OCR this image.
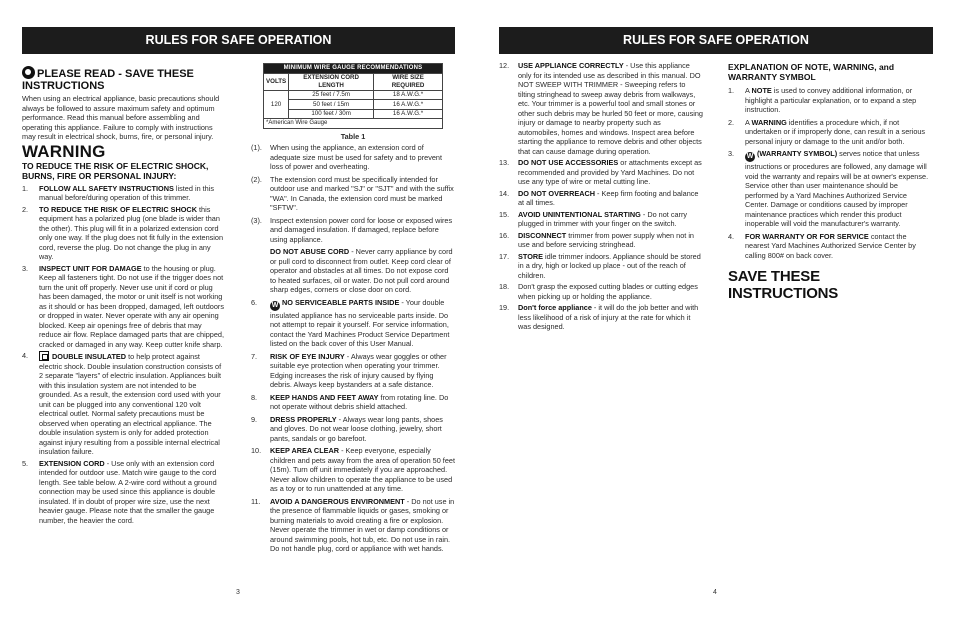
RULES FOR SAFE OPERATION
PLEASE READ - SAVE THESE INSTRUCTIONS

When using an electrical appliance, basic precautions should always be followed to assure maximum safety and optimum performance. Read this manual before assembling and operating this appliance. Failure to comply with instructions may result in electrical shock, burns, fire, or personal injury.

WARNING
TO REDUCE THE RISK OF ELECTRIC SHOCK, BURNS, FIRE OR PERSONAL INJURY:
1. FOLLOW ALL SAFETY INSTRUCTIONS listed in this manual before/during operation of this trimmer.
2. TO REDUCE THE RISK OF ELECTRIC SHOCK this equipment has a polarized plug (one blade is wider than the other). This plug will fit in a polarized extension cord only one way. If the plug does not fit fully in the extension cord, reverse the plug. Do not change the plug in any way.
3. INSPECT UNIT FOR DAMAGE to the housing or plug. Keep all fasteners tight. Do not use if the trigger does not turn the unit off properly. Never use unit if cord or plug has been damaged, the motor or unit itself is not working as it should or has been dropped, damaged, left outdoors or dropped in water. Never operate with any air opening blocked. Keep air openings free of debris that may reduce air flow. Replace damaged parts that are chipped, cracked or damaged in any way. Keep cutter knife sharp.
4.	DOUBLE INSULATED to help protect against electric shock. Double insulation construction consists of 2 separate "layers" of electric insulation. Appliances built with this insulation system are not intended to be grounded. As a result, the extension cord used with your unit can be plugged into any conventional 120 volt electrical outlet. Normal safety precautions must be observed when operating an electrical appliance. The double insulation system is only for added protection against injury resulting from a possible internal electrical insulation failure.
5. EXTENSION CORD - Use only with an extension cord intended for outdoor use. Match wire gauge to the cord length. See table below. A 2-wire cord without a ground connection may be used since this appliance is double insulated. If in doubt of proper wire size, use the next heavier gauge. Please note that the smaller the gauge number, the heavier the cord.
MINIMUM WIRE GAUGE RECOMMENDATIONS		
VOLTS	EXTENSION CORD LENGTH	WIRE SIZE REQUIRED
120	25 feet / 7.5m	18 A.W.G.*
	50 feet / 15m	16 A.W.G.*
	100 feet / 30m	16 A.W.G.*
*American Wire Gauge		
Table 1
(1). When using the appliance, an extension cord of adequate size must be used for safety and to prevent loss of power and overheating.
(2). The extension cord must be specifically intended for outdoor use and marked "SJ" or "SJT" and with the suffix "WA". In Canada, the extension cord must be marked "SFTW".
(3). Inspect extension power cord for loose or exposed wires and damaged insulation. If damaged, replace before using appliance.
DO NOT ABUSE CORD - Never carry appliance by cord or pull cord to disconnect from outlet. Keep cord clear of operator and obstacles at all times. Do not expose cord to heated surfaces, oil or water. Do not pull cord around sharp edges, corners or close door on cord.
6. W NO SERVICEABLE PARTS INSIDE - Your double insulated appliance has no serviceable parts inside. Do not attempt to repair it yourself. For service information, contact the Yard Machines Product Service Department listed on the back cover of this User Manual.
7. RISK OF EYE INJURY - Always wear goggles or other suitable eye protection when operating your trimmer. Edging increases the risk of injury caused by flying debris. Always keep bystanders at a safe distance.
8. KEEP HANDS AND FEET AWAY from rotating line. Do not operate without debris shield attached.
9. DRESS PROPERLY - Always wear long pants, shoes and gloves. Do not wear loose clothing, jewelry, short pants, sandals or go barefoot.
10. KEEP AREA CLEAR - Keep everyone, especially children and pets away from the area of operation 50 feet (15m). Turn off unit immediately if you are approached. Never allow children to operate the appliance to be used as a toy or to run unattended at any time.
11. AVOID A DANGEROUS ENVIRONMENT - Do not use in the presence of flammable liquids or gases, smoking or burning materials to avoid creating a fire or explosion. Never operate the trimmer in wet or damp conditions or around swimming pools, hot tub, etc. Do not use in rain. Do not handle plug, cord or appliance with wet hands.
3
RULES FOR SAFE OPERATION
12. USE APPLIANCE CORRECTLY - Use this appliance only for its intended use as described in this manual. DO NOT SWEEP WITH TRIMMER - Sweeping refers to tilting stringhead to sweep away debris from walkways, etc. Your trimmer is a powerful tool and small stones or other such debris may be hurled 50 feet or more, causing injury or damage to nearby property such as automobiles, homes and windows. Inspect area before starting the appliance to remove debris and other objects that can cause damage during operation.
13. DO NOT USE ACCESSORIES or attachments except as recommended and provided by Yard Machines. Do not use any type of wire or metal cutting line.
14. DO NOT OVERREACH - Keep firm footing and balance at all times.
15. AVOID UNINTENTIONAL STARTING - Do not carry plugged in trimmer with your finger on the switch.
16. DISCONNECT trimmer from power supply when not in use and before servicing stringhead.
17. STORE idle trimmer indoors. Appliance should be stored in a dry, high or locked up place - out of the reach of children.
18. Don't grasp the exposed cutting blades or cutting edges when picking up or holding the appliance.
19. Don't force appliance - it will do the job better and with less likelihood of a risk of injury at the rate for which it was designed.
EXPLANATION OF NOTE, WARNING, and WARRANTY SYMBOL
1. A NOTE is used to convey additional information, or highlight a particular explanation, or to expand a step instruction.
2. A WARNING identifies a procedure which, if not undertaken or if improperly done, can result in a serious personal injury or damage to the unit and/or both.
3. W (WARRANTY SYMBOL) serves notice that unless instructions or procedures are followed, any damage will void the warranty and repairs will be at owner's expense. Service other than user maintenance should be performed by a Yard Machines Authorized Service Center. Damage or conditions caused by improper maintenance practices which render this product inoperable will void the manufacturer's warranty.
4. FOR WARRANTY OR FOR SERVICE contact the nearest Yard Machines Authorized Service Center by calling 800# on back cover.
SAVE THESE INSTRUCTIONS
4
